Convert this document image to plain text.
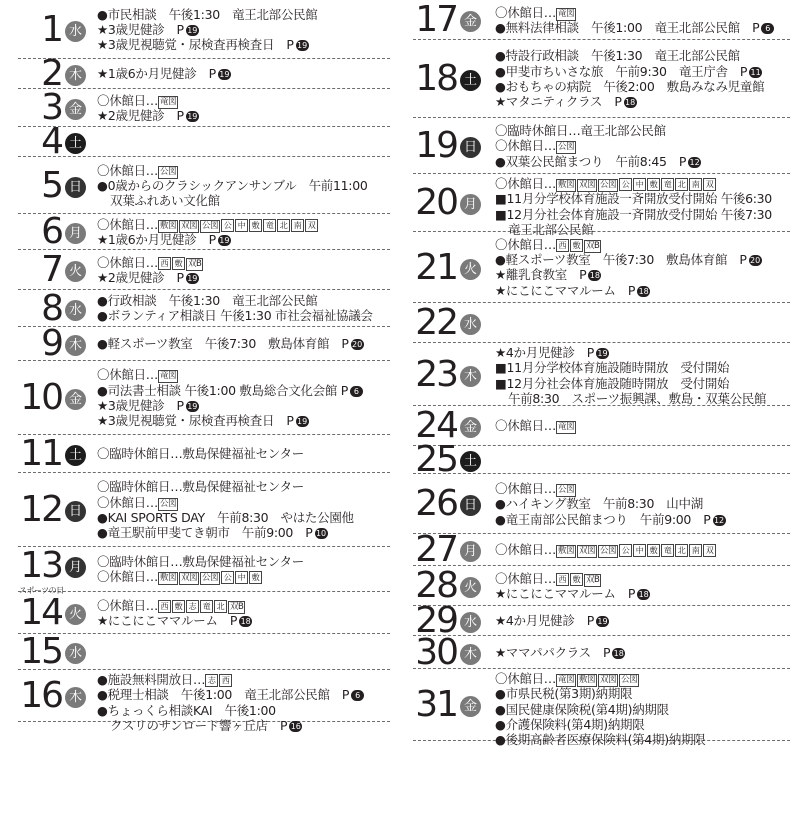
1 水
●市民相談　午後1:30　竜王北部公民館
★3歳児健診　P 19
★3歳児視聴覚・尿検査再検査日　P 19
2 木	★1歳6か月児健診　P 19
3 金
〇休館日… 竜図
★2歳児健診　P 19
4 土
5 日
〇休館日… 公図
●0歳からのクラシックアンサンブル　午前11:00
双葉ふれあい文化館
6 月
〇休館日… 敷図 双図 公図 公 中 敷 竜 北 南 双
★1歳6か月児健診　P 19
7 火
〇休館日… 西 敷 双B
★2歳児健診　P 19
8 水
●行政相談　午後1:30　竜王北部公民館
●ボランティア相談日 午後1:30 市社会福祉協議会
9 木	●軽スポーツ教室　午後7:30　敷島体育館　P 20
10 金
〇休館日… 竜図
●司法書士相談 午後1:00 敷島総合文化会館 P 6
★3歳児健診　P 19
★3歳児視聴覚・尿検査再検査日　P 19
11 土	〇臨時休館日…敷島保健福祉センター
12 日
〇臨時休館日…敷島保健福祉センター
〇休館日… 公図
●KAI SPORTS DAY　午前8:30　やはた公園他
●竜王駅前甲斐てき朝市　午前9:00　P 10
13 月
スポーツの日
〇臨時休館日…敷島保健福祉センター
〇休館日… 敷図 双図 公図 公 中 敷
14 火
〇休館日… 西 敷 志 竜 北 双B
★にこにこママルーム　P 18
15 水
16 木
●施設無料開放日… 志 西
●税理士相談　午後1:00　竜王北部公民館　P 6
●ちょっくら相談KAI　午後1:00
クスリのサンロード響ヶ丘店　P 16
17 金
〇休館日… 竜図
●無料法律相談　午後1:00　竜王北部公民館　P 6
18 土
●特設行政相談　午後1:30　竜王北部公民館
●甲斐市ちいさな旅　午前9:30　竜王庁舎　P 11
●おもちゃの病院　午後2:00　敷島みなみ児童館
★マタニティクラス　P 18
19 日
〇臨時休館日…竜王北部公民館
〇休館日… 公図
●双葉公民館まつり　午前8:45　P 12
20 月
〇休館日… 敷図 双図 公図 公 中 敷 竜 北 南 双
■11月分学校体育施設一斉開放受付開始 午後6:30
■12月分社会体育施設一斉開放受付開始 午後7:30
竜王北部公民館
21 火
〇休館日… 西 敷 双B
●軽スポーツ教室　午後7:30　敷島体育館　P 20
★離乳食教室　P 18
★にこにこママルーム　P 18
22 水
23 木
★4か月児健診　P 19
■11月分学校体育施設随時開放　受付開始
■12月分社会体育施設随時開放　受付開始
午前8:30　スポーツ振興課、敷島・双葉公民館
24 金	〇休館日… 竜図
25 土
26 日
〇休館日… 公図
●ハイキング教室　午前8:30　山中湖
●竜王南部公民館まつり　午前9:00　P 12
27 月	〇休館日… 敷図 双図 公図 公 中 敷 竜 北 南 双
28 火
〇休館日… 西 敷 双B
★にこにこママルーム　P 18
29 水	★4か月児健診　P 19
30 木	★ママパパクラス　P 18
31 金
〇休館日… 竜図 敷図 双図 公図
●市県民税(第3期)納期限
●国民健康保険税(第4期)納期限
●介護保険料(第4期)納期限
●後期高齢者医療保険料(第4期)納期限
